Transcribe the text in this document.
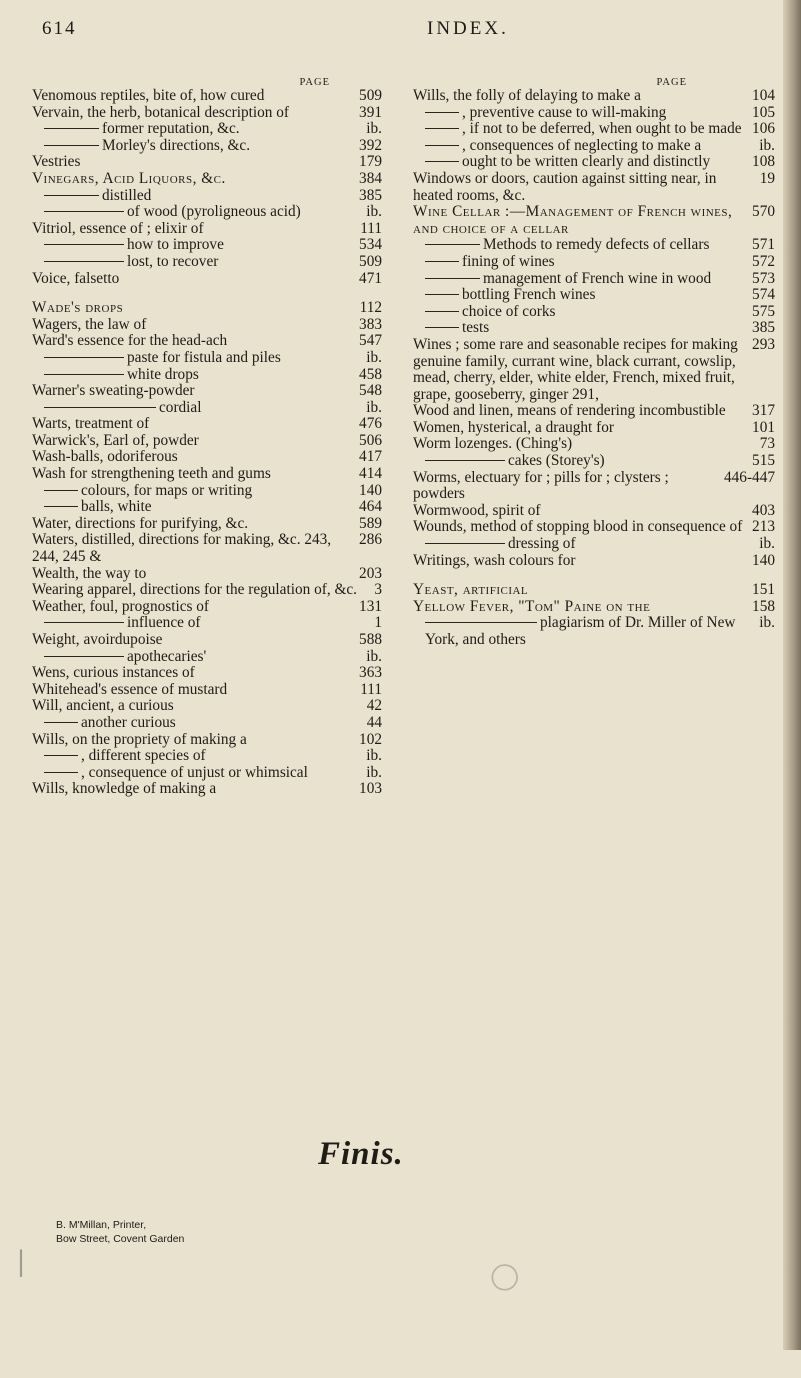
614	INDEX.
PAGE
509
Venomous reptiles, bite of, how cured
391
Vervain, the herb, botanical description of
ib.
former reputation, &c.
392
Morley's directions, &c.
179
Vestries
384
Vinegars, Acid Liquors, &c.
385
distilled
ib.
of wood (pyroligneous acid)
111
Vitriol, essence of ; elixir of
534
how to improve
509
lost, to recover
471
Voice, falsetto
112
Wade's drops
383
Wagers, the law of
547
Ward's essence for the head-ach
ib.
paste for fistula and piles
458
white drops
548
Warner's sweating-powder
ib.
cordial
476
Warts, treatment of
506
Warwick's, Earl of, powder
417
Wash-balls, odoriferous
414
Wash for strengthening teeth and gums
140
colours, for maps or writing
464
balls, white
589
Water, directions for purifying, &c.
286
Waters, distilled, directions for making, &c. 243, 244, 245 &
203
Wealth, the way to
3
Wearing apparel, directions for the regulation of, &c.
131
Weather, foul, prognostics of
1
influence of
588
Weight, avoirdupoise
ib.
apothecaries'
363
Wens, curious instances of
111
Whitehead's essence of mustard
42
Will, ancient, a curious
44
another curious
102
Wills, on the propriety of making a
ib.
, different species of
ib.
, consequence of unjust or whimsical
103
Wills, knowledge of making a
PAGE
104
Wills, the folly of delaying to make a
105
, preventive cause to will-making
106
, if not to be deferred, when ought to be made
ib.
, consequences of neglecting to make a
108
ought to be written clearly and distinctly
19
Windows or doors, caution against sitting near, in heated rooms, &c.
570
Wine Cellar :—Management of French wines, and choice of a cellar
571
Methods to remedy defects of cellars
572
fining of wines
573
management of French wine in wood
574
bottling French wines
575
choice of corks
385
tests
293
Wines ; some rare and seasonable recipes for making genuine family, currant wine, black currant, cowslip, mead, cherry, elder, white elder, French, mixed fruit, grape, gooseberry, ginger 291,
317
Wood and linen, means of rendering incombustible
101
Women, hysterical, a draught for
73
Worm lozenges. (Ching's)
515
cakes (Storey's)
446-447
Worms, electuary for ; pills for ; clysters ; powders
403
Wormwood, spirit of
213
Wounds, method of stopping blood in consequence of
ib.
dressing of
140
Writings, wash colours for
151
Yeast, artificial
158
Yellow Fever, "Tom" Paine on the
ib.
plagiarism of Dr. Miller of New York, and others
Finis.
B. M'Millan, Printer,
Bow Street, Covent Garden
◯
∣
